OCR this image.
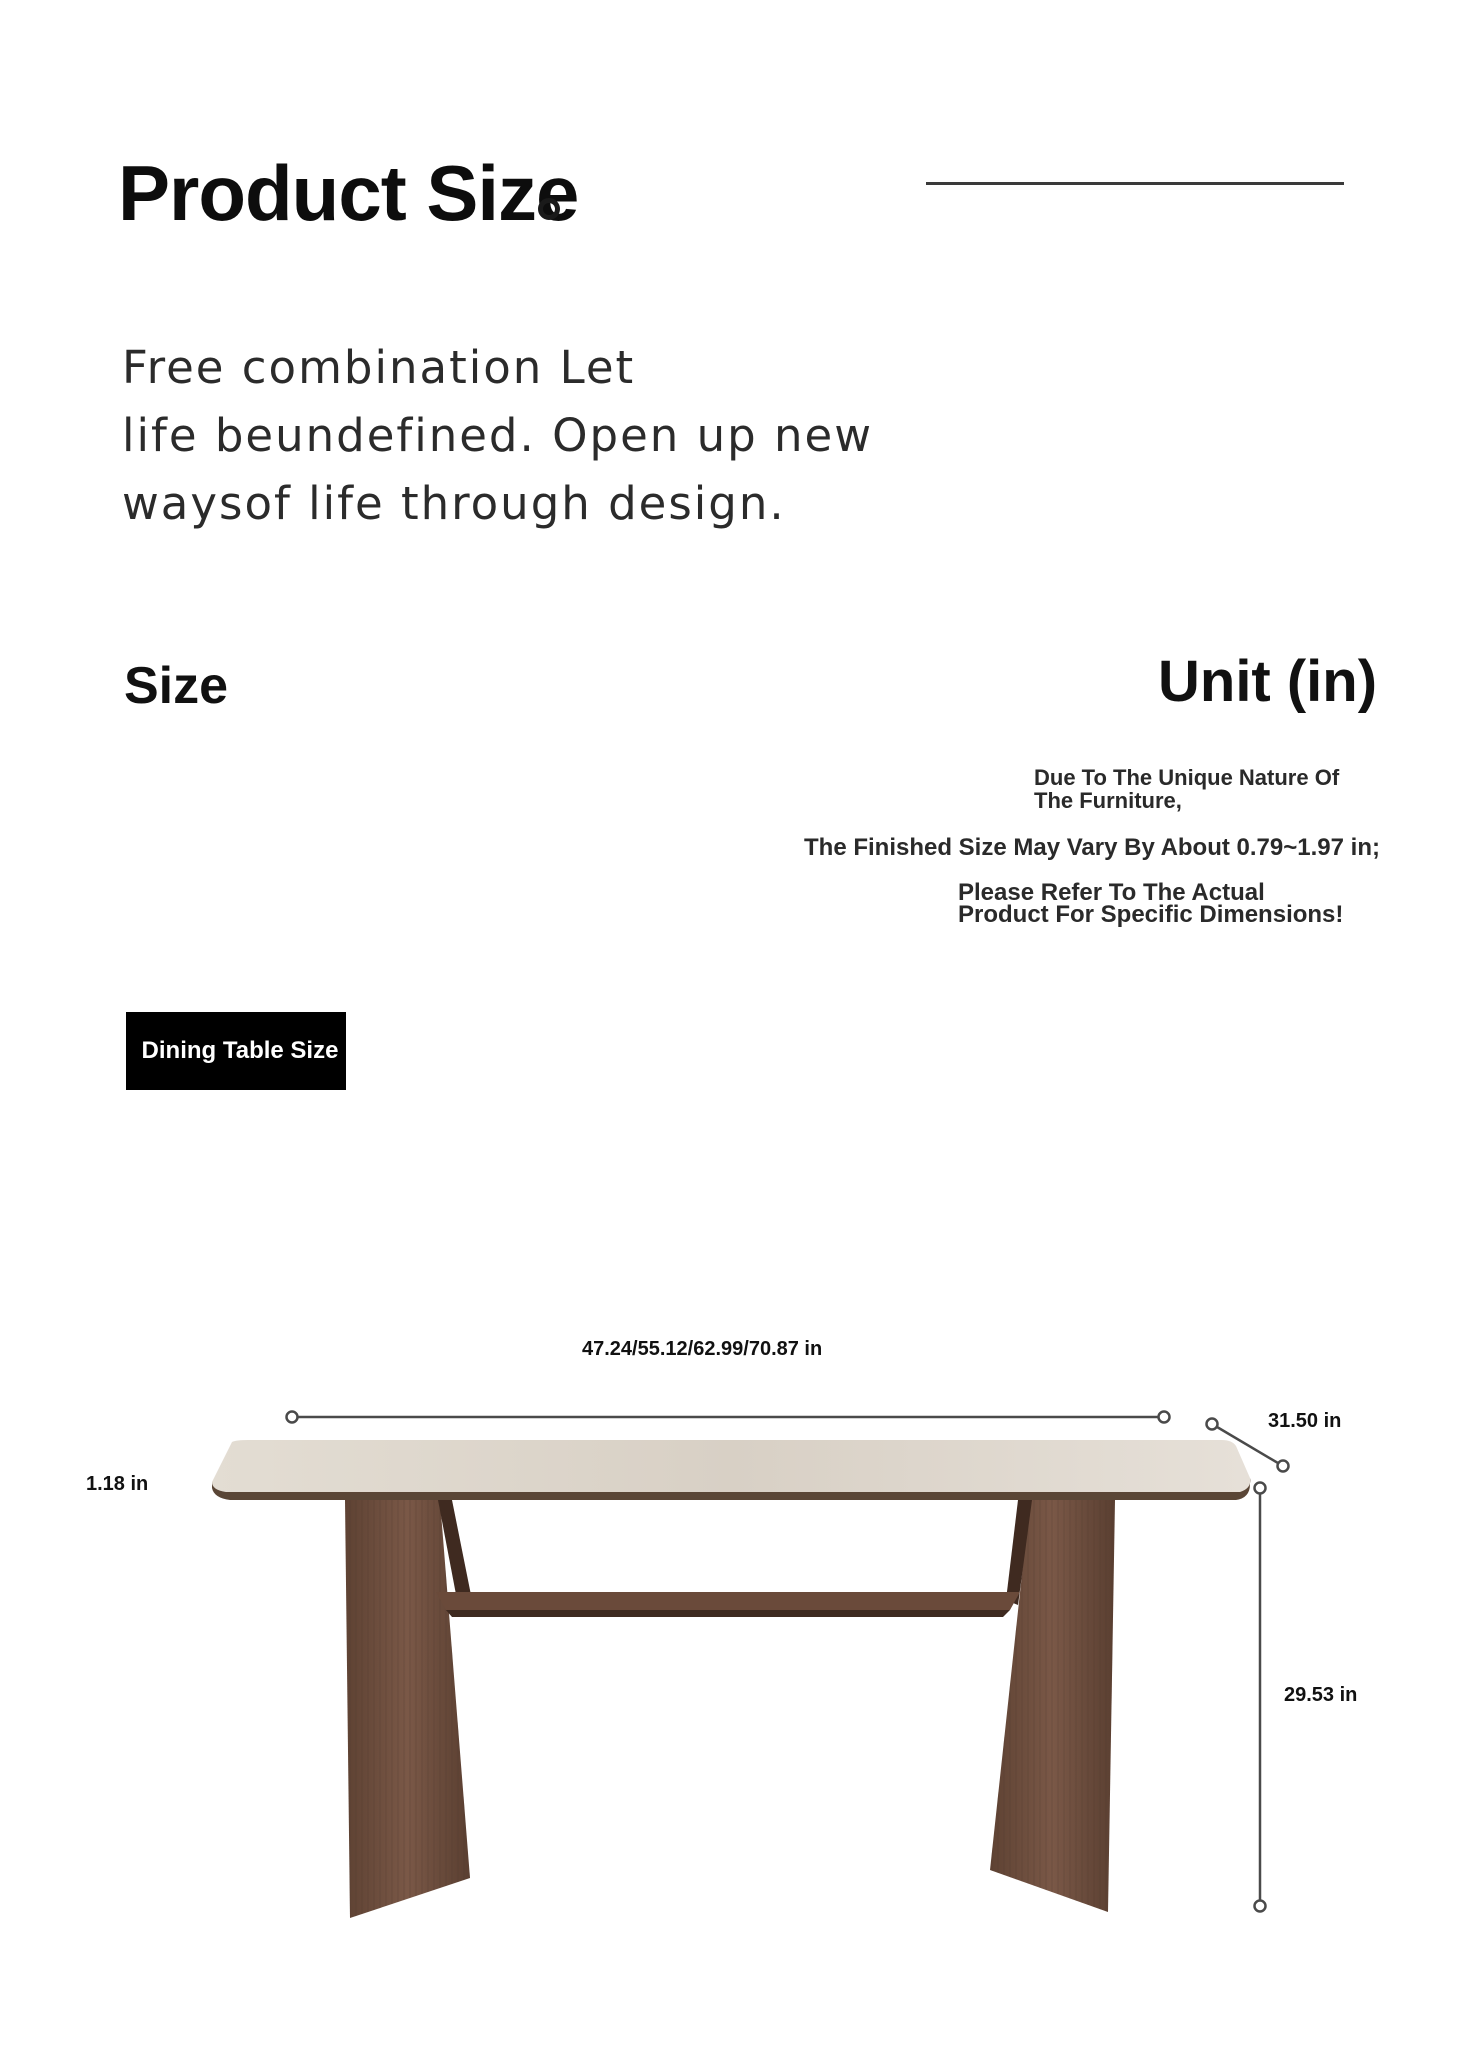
Product Size
Free combination Let
life beundefined. Open up new
waysof life through design.
Size	Unit (in)
Due To The Unique Nature Of
The Furniture,
The Finished Size May Vary By About 0.79~1.97 in;
Please Refer To The Actual
Product For Specific Dimensions!
Dining Table Size
47.24/55.12/62.99/70.87 in
31.50 in
1.18 in
29.53 in
